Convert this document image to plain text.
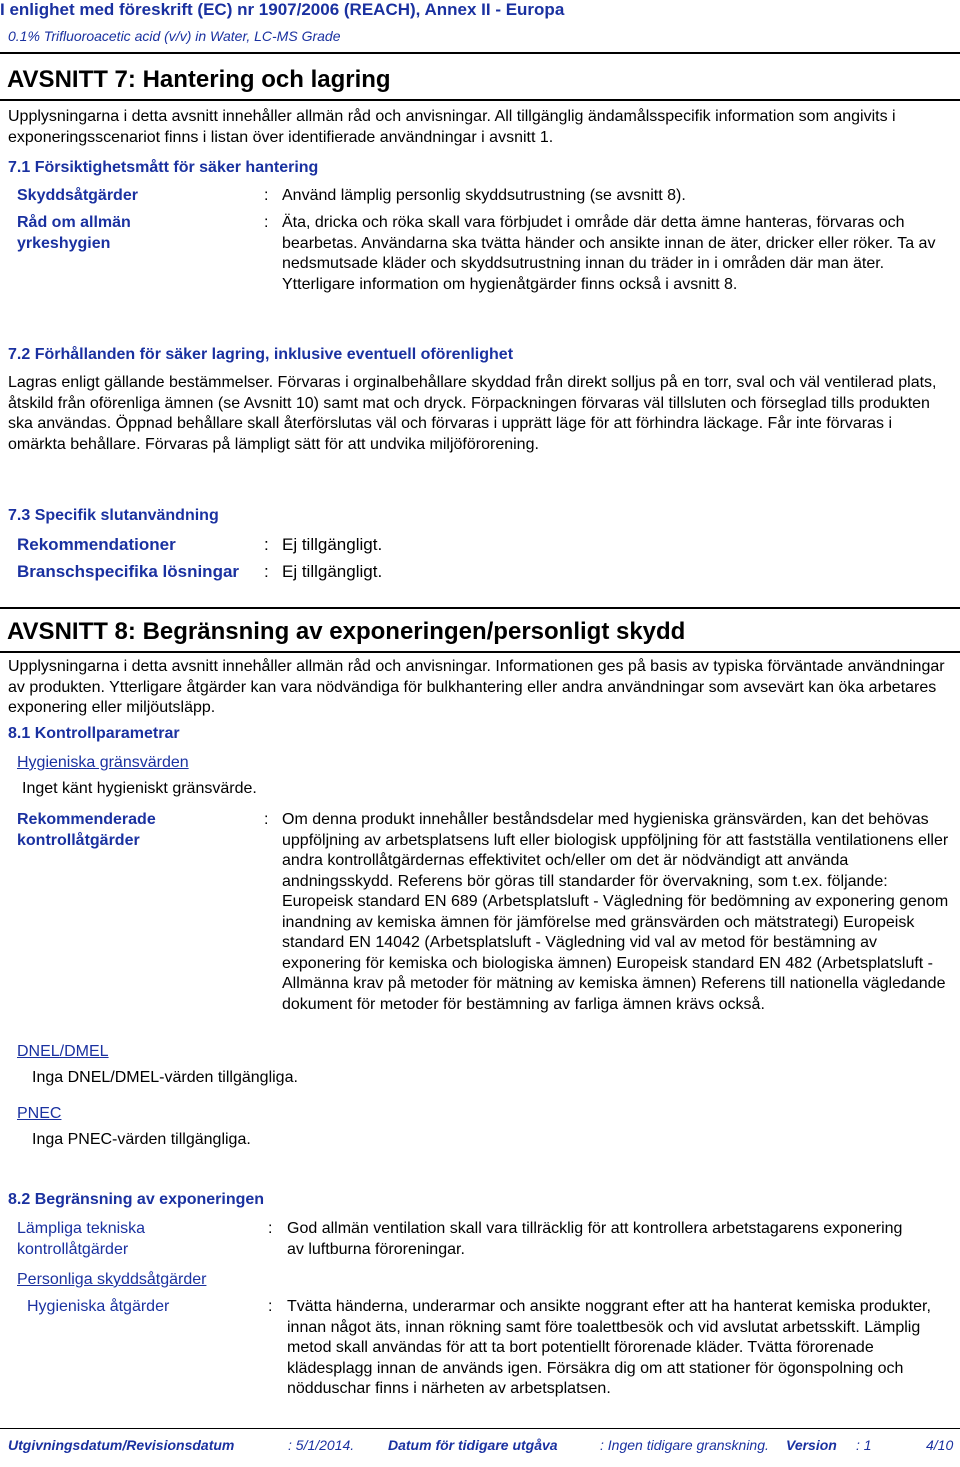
I enlighet med föreskrift (EC) nr 1907/2006 (REACH), Annex II - Europa
0.1% Trifluoroacetic acid (v/v) in Water, LC-MS Grade
AVSNITT 7: Hantering och lagring
Upplysningarna i detta avsnitt innehåller allmän råd och anvisningar. All tillgänglig ändamålsspecifik information som angivits i exponeringsscenariot finns i listan över identifierade användningar i avsnitt 1.
7.1 Försiktighetsmått för säker hantering
Skyddsåtgärder	: Använd lämplig personlig skyddsutrustning (se avsnitt 8).
Råd om allmän yrkeshygien
: Äta, dricka och röka skall vara förbjudet i område där detta ämne hanteras, förvaras och bearbetas. Användarna ska tvätta händer och ansikte innan de äter, dricker eller röker. Ta av nedsmutsade kläder och skyddsutrustning innan du träder in i områden där man äter. Ytterligare information om hygienåtgärder finns också i avsnitt 8.
7.2 Förhållanden för säker lagring, inklusive eventuell oförenlighet
Lagras enligt gällande bestämmelser. Förvaras i orginalbehållare skyddad från direkt solljus på en torr, sval och väl ventilerad plats, åtskild från oförenliga ämnen (se Avsnitt 10) samt mat och dryck. Förpackningen förvaras väl tillsluten och förseglad tills produkten ska användas. Öppnad behållare skall återförslutas väl och förvaras i upprätt läge för att förhindra läckage. Får inte förvaras i omärkta behållare. Förvaras på lämpligt sätt för att undvika miljöförorening.
7.3 Specifik slutanvändning
Rekommendationer	: Ej tillgängligt.
Branschspecifika lösningar : Ej tillgängligt.
AVSNITT 8: Begränsning av exponeringen/personligt skydd
Upplysningarna i detta avsnitt innehåller allmän råd och anvisningar. Informationen ges på basis av typiska förväntade användningar av produkten. Ytterligare åtgärder kan vara nödvändiga för bulkhantering eller andra användningar som avsevärt kan öka arbetares exponering eller miljöutsläpp.
8.1 Kontrollparametrar
Hygieniska gränsvärden
Inget känt hygieniskt gränsvärde.
Rekommenderade kontrollåtgärder
: Om denna produkt innehåller beståndsdelar med hygieniska gränsvärden, kan det behövas uppföljning av arbetsplatsens luft eller biologisk uppföljning för att fastställa ventilationens eller andra kontrollåtgärdernas effektivitet och/eller om det är nödvändigt att använda andningsskydd. Referens bör göras till standarder för övervakning, som t.ex. följande: Europeisk standard EN 689 (Arbetsplatsluft - Vägledning för bedömning av exponering genom inandning av kemiska ämnen för jämförelse med gränsvärden och mätstrategi) Europeisk standard EN 14042 (Arbetsplatsluft - Vägledning vid val av metod för bestämning av exponering för kemiska och biologiska ämnen) Europeisk standard EN 482 (Arbetsplatsluft - Allmänna krav på metoder för mätning av kemiska ämnen) Referens till nationella vägledande dokument för metoder för bestämning av farliga ämnen krävs också.
DNEL/DMEL
Inga DNEL/DMEL-värden tillgängliga.
PNEC
Inga PNEC-värden tillgängliga.
8.2 Begränsning av exponeringen
Lämpliga tekniska kontrollåtgärder
: God allmän ventilation skall vara tillräcklig för att kontrollera arbetstagarens exponering av luftburna föroreningar.
Personliga skyddsåtgärder
Hygieniska åtgärder	: Tvätta händerna, underarmar och ansikte noggrant efter att ha hanterat kemiska produkter, innan något äts, innan rökning samt före toalettbesök och vid avslutat arbetsskift. Lämplig metod skall användas för att ta bort potentiellt förorenade kläder. Tvätta förorenade klädesplagg innan de används igen. Försäkra dig om att stationer för ögonspolning och nödduschar finns i närheten av arbetsplatsen.
Utgivningsdatum/Revisionsdatum	: 5/1/2014. Datum för tidigare utgåva	: Ingen tidigare granskning. Version : 1	4/10
